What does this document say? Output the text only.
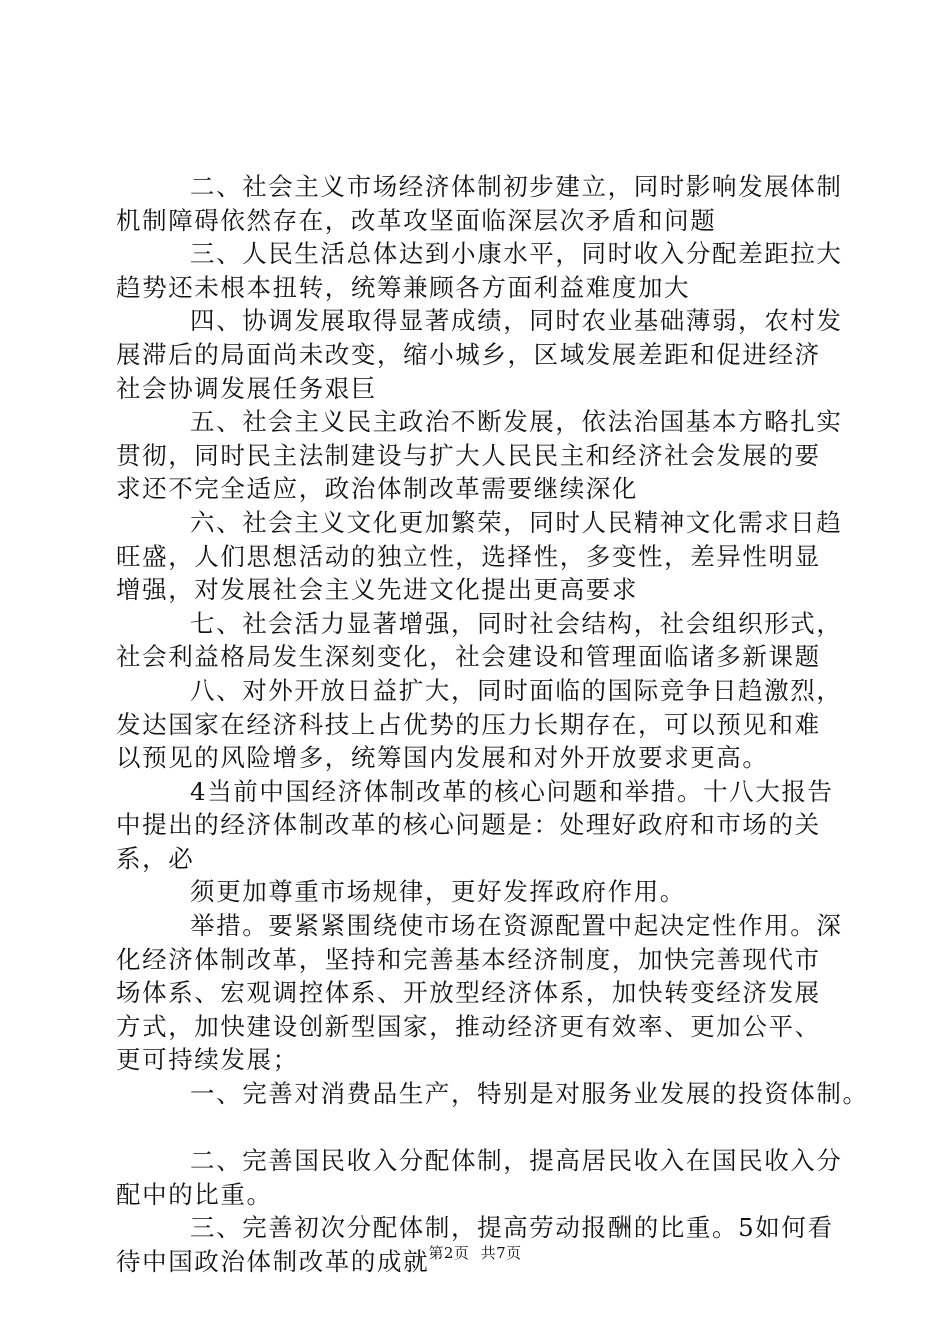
二、社会主义市场经济体制初步建立，同时影响发展体制
机制障碍依然存在，改革攻坚面临深层次矛盾和问题
三、人民生活总体达到小康水平，同时收入分配差距拉大
趋势还未根本扭转，统筹兼顾各方面利益难度加大
四、协调发展取得显著成绩，同时农业基础薄弱，农村发
展滞后的局面尚未改变，缩小城乡，区域发展差距和促进经济
社会协调发展任务艰巨
五、社会主义民主政治不断发展，依法治国基本方略扎实
贯彻，同时民主法制建设与扩大人民民主和经济社会发展的要
求还不完全适应，政治体制改革需要继续深化
六、社会主义文化更加繁荣，同时人民精神文化需求日趋
旺盛，人们思想活动的独立性，选择性，多变性，差异性明显
增强，对发展社会主义先进文化提出更高要求
七、社会活力显著增强，同时社会结构，社会组织形式，
社会利益格局发生深刻变化，社会建设和管理面临诸多新课题
八、对外开放日益扩大，同时面临的国际竞争日趋激烈，
发达国家在经济科技上占优势的压力长期存在，可以预见和难
以预见的风险增多，统筹国内发展和对外开放要求更高。
4当前中国经济体制改革的核心问题和举措。十八大报告
中提出的经济体制改革的核心问题是：处理好政府和市场的关
系，必
须更加尊重市场规律，更好发挥政府作用。
举措。要紧紧围绕使市场在资源配置中起决定性作用。深
化经济体制改革，坚持和完善基本经济制度，加快完善现代市
场体系、宏观调控体系、开放型经济体系，加快转变经济发展
方式，加快建设创新型国家，推动经济更有效率、更加公平、
更可持续发展；
一、完善对消费品生产，特别是对服务业发展的投资体制。
二、完善国民收入分配体制，提高居民收入在国民收入分
配中的比重。
三、完善初次分配体制，提高劳动报酬的比重。5如何看
待中国政治体制改革的成就 第2页 共7页
